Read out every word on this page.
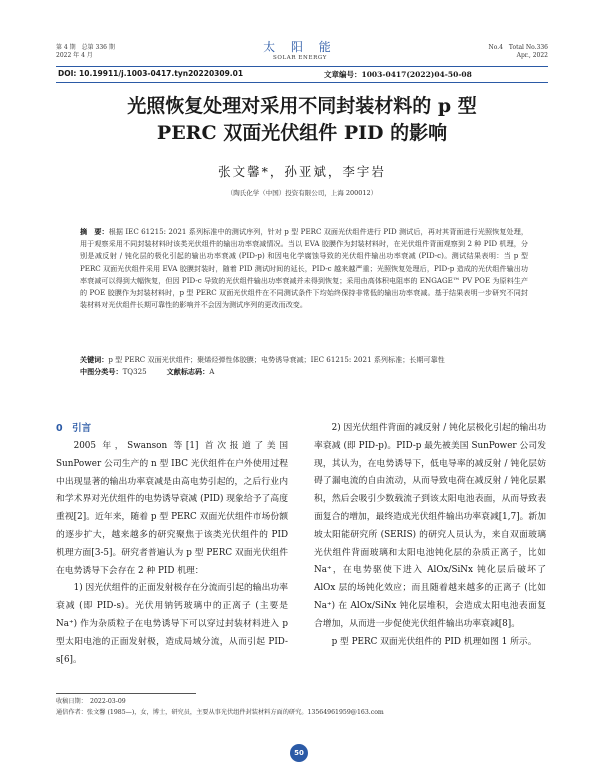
第 4 期　总第 336 期
2022 年 4 月
太 阳 能
SOLAR ENERGY
No.4　Total No.336
Apr., 2022
DOI: 10.19911/j.1003-0417.tyn20220309.01	文章编号：1003-0417(2022)04-50-08
光照恢复处理对采用不同封装材料的 p 型
PERC 双面光伏组件 PID 的影响
张文馨*，孙亚斌，李宇岩
（陶氏化学（中国）投资有限公司，上海 200012）
摘　要：根据 IEC 61215: 2021 系列标准中的测试序列，针对 p 型 PERC 双面光伏组件进行 PID 测试后，再对其背面进行光照恢复处理，用于观察采用不同封装材料时该类光伏组件的输出功率衰减情况。当以 EVA 胶膜作为封装材料时，在光伏组件背面观察到 2 种 PID 机理，分别是减反射 / 钝化层的极化引起的输出功率衰减 (PID-p) 和因电化学腐蚀导致的光伏组件输出功率衰减 (PID-c)。测试结果表明：当 p 型 PERC 双面光伏组件采用 EVA 胶膜封装时，随着 PID 测试时间的延长，PID-c 越来越严重；光照恢复处理后，PID-p 造成的光伏组件输出功率衰减可以得到大幅恢复，但因 PID-c 导致的光伏组件输出功率衰减并未得到恢复；采用由高体积电阻率的 ENGAGE™ PV POE 为原料生产的 POE 胶膜作为封装材料时，p 型 PERC 双面光伏组件在不同测试条件下均始终保持非常低的输出功率衰减。基于结果表明一步研究不同封装材料对光伏组件长期可靠性的影响并不会因为测试序列的更改而改变。
关键词：p 型 PERC 双面光伏组件；聚烯烃弹性体胶膜；电势诱导衰减；IEC 61215: 2021 系列标准；长期可靠性
中图分类号：TQ325	文献标志码：A

0　引言

2005 年，Swanson 等[1] 首次报道了美国 SunPower 公司生产的 n 型 IBC 光伏组件在户外使用过程中出现显著的输出功率衰减是由高电势引起的，之后行业内和学术界对光伏组件的电势诱导衰减 (PID) 现象给予了高度重视[2]。近年来，随着 p 型 PERC 双面光伏组件市场份额的逐步扩大，越来越多的研究聚焦于该类光伏组件的 PID 机理方面[3-5]。研究者普遍认为 p 型 PERC 双面光伏组件在电势诱导下会存在 2 种 PID 机理：

1) 因光伏组件的正面发射极存在分流而引起的输出功率衰减 (即 PID-s)。光伏用钠钙玻璃中的正离子 (主要是 Na⁺) 作为杂质粒子在电势诱导下可以穿过封装材料进入 p 型太阳电池的正面发射极，造成局域分流，从而引起 PID-s[6]。

2) 因光伏组件背面的减反射 / 钝化层极化引起的输出功率衰减 (即 PID-p)。PID-p 最先被美国 SunPower 公司发现，其认为，在电势诱导下，低电导率的减反射 / 钝化层妨碍了漏电流的自由流动，从而导致电荷在减反射 / 钝化层累积，然后会吸引少数载流子到该太阳电池表面，从而导致表面复合的增加，最终造成光伏组件输出功率衰减[1,7]。新加坡太阳能研究所 (SERIS) 的研究人员认为，来自双面玻璃光伏组件背面玻璃和太阳电池钝化层的杂质正离子，比如 Na⁺，在电势驱使下进入 AlOx/SiNx 钝化层后破坏了 AlOx 层的场钝化效应；而且随着越来越多的正离子 (比如 Na⁺) 在 AlOx/SiNx 钝化层堆积，会造成太阳电池表面复合增加，从而进一步促使光伏组件输出功率衰减[8]。

p 型 PERC 双面光伏组件的 PID 机理如图 1 所示。

收稿日期：　2022-03-09
通信作者：张文馨 (1985—)，女，博士，研究员，主要从事光伏组件封装材料方面的研究。13564961959@163.com
50
